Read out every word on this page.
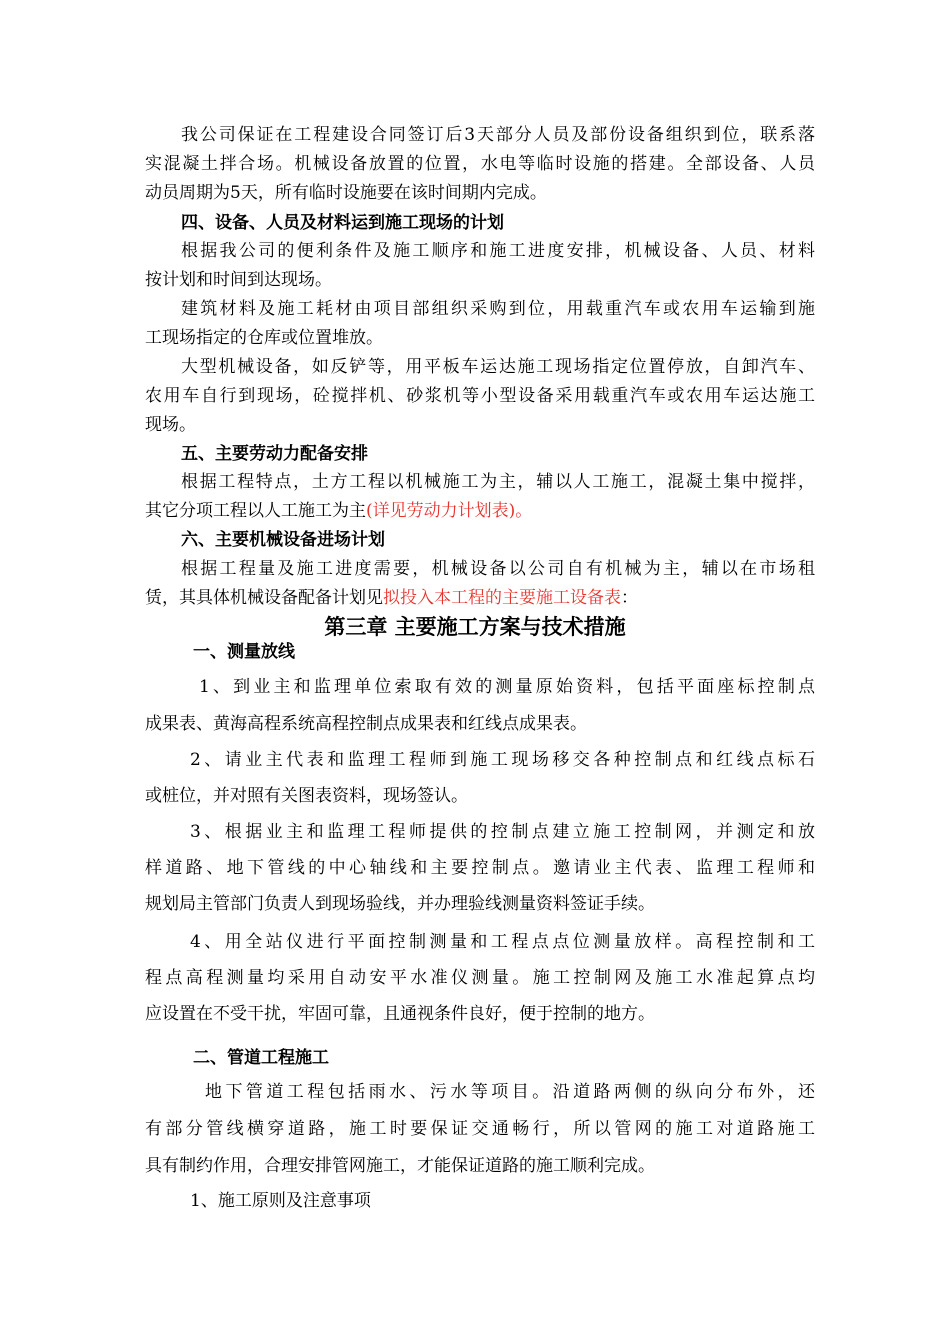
我公司保证在工程建设合同签订后3天部分人员及部份设备组织到位，联系落
实混凝土拌合场。机械设备放置的位置，水电等临时设施的搭建。全部设备、人员
动员周期为5天，所有临时设施要在该时间期内完成。
四、设备、人员及材料运到施工现场的计划
根据我公司的便利条件及施工顺序和施工进度安排，机械设备、人员、材料
按计划和时间到达现场。
建筑材料及施工耗材由项目部组织采购到位，用载重汽车或农用车运输到施
工现场指定的仓库或位置堆放。
大型机械设备，如反铲等，用平板车运达施工现场指定位置停放，自卸汽车、
农用车自行到现场，砼搅拌机、砂浆机等小型设备采用载重汽车或农用车运达施工
现场。
五、主要劳动力配备安排
根据工程特点，土方工程以机械施工为主，辅以人工施工，混凝土集中搅拌，
其它分项工程以人工施工为主(详见劳动力计划表)。
六、主要机械设备进场计划
根据工程量及施工进度需要，机械设备以公司自有机械为主，辅以在市场租
赁，其具体机械设备配备计划见拟投入本工程的主要施工设备表：
第三章 主要施工方案与技术措施
一、测量放线
1、到业主和监理单位索取有效的测量原始资料，包括平面座标控制点
成果表、黄海高程系统高程控制点成果表和红线点成果表。
2、请业主代表和监理工程师到施工现场移交各种控制点和红线点标石
或桩位，并对照有关图表资料，现场签认。
3、根据业主和监理工程师提供的控制点建立施工控制网，并测定和放
样道路、地下管线的中心轴线和主要控制点。邀请业主代表、监理工程师和
规划局主管部门负责人到现场验线，并办理验线测量资料签证手续。
4、用全站仪进行平面控制测量和工程点点位测量放样。高程控制和工
程点高程测量均采用自动安平水准仪测量。施工控制网及施工水准起算点均
应设置在不受干扰，牢固可靠，且通视条件良好，便于控制的地方。
二、管道工程施工
地下管道工程包括雨水、污水等项目。沿道路两侧的纵向分布外，还
有部分管线横穿道路，施工时要保证交通畅行，所以管网的施工对道路施工
具有制约作用，合理安排管网施工，才能保证道路的施工顺利完成。
1、施工原则及注意事项
